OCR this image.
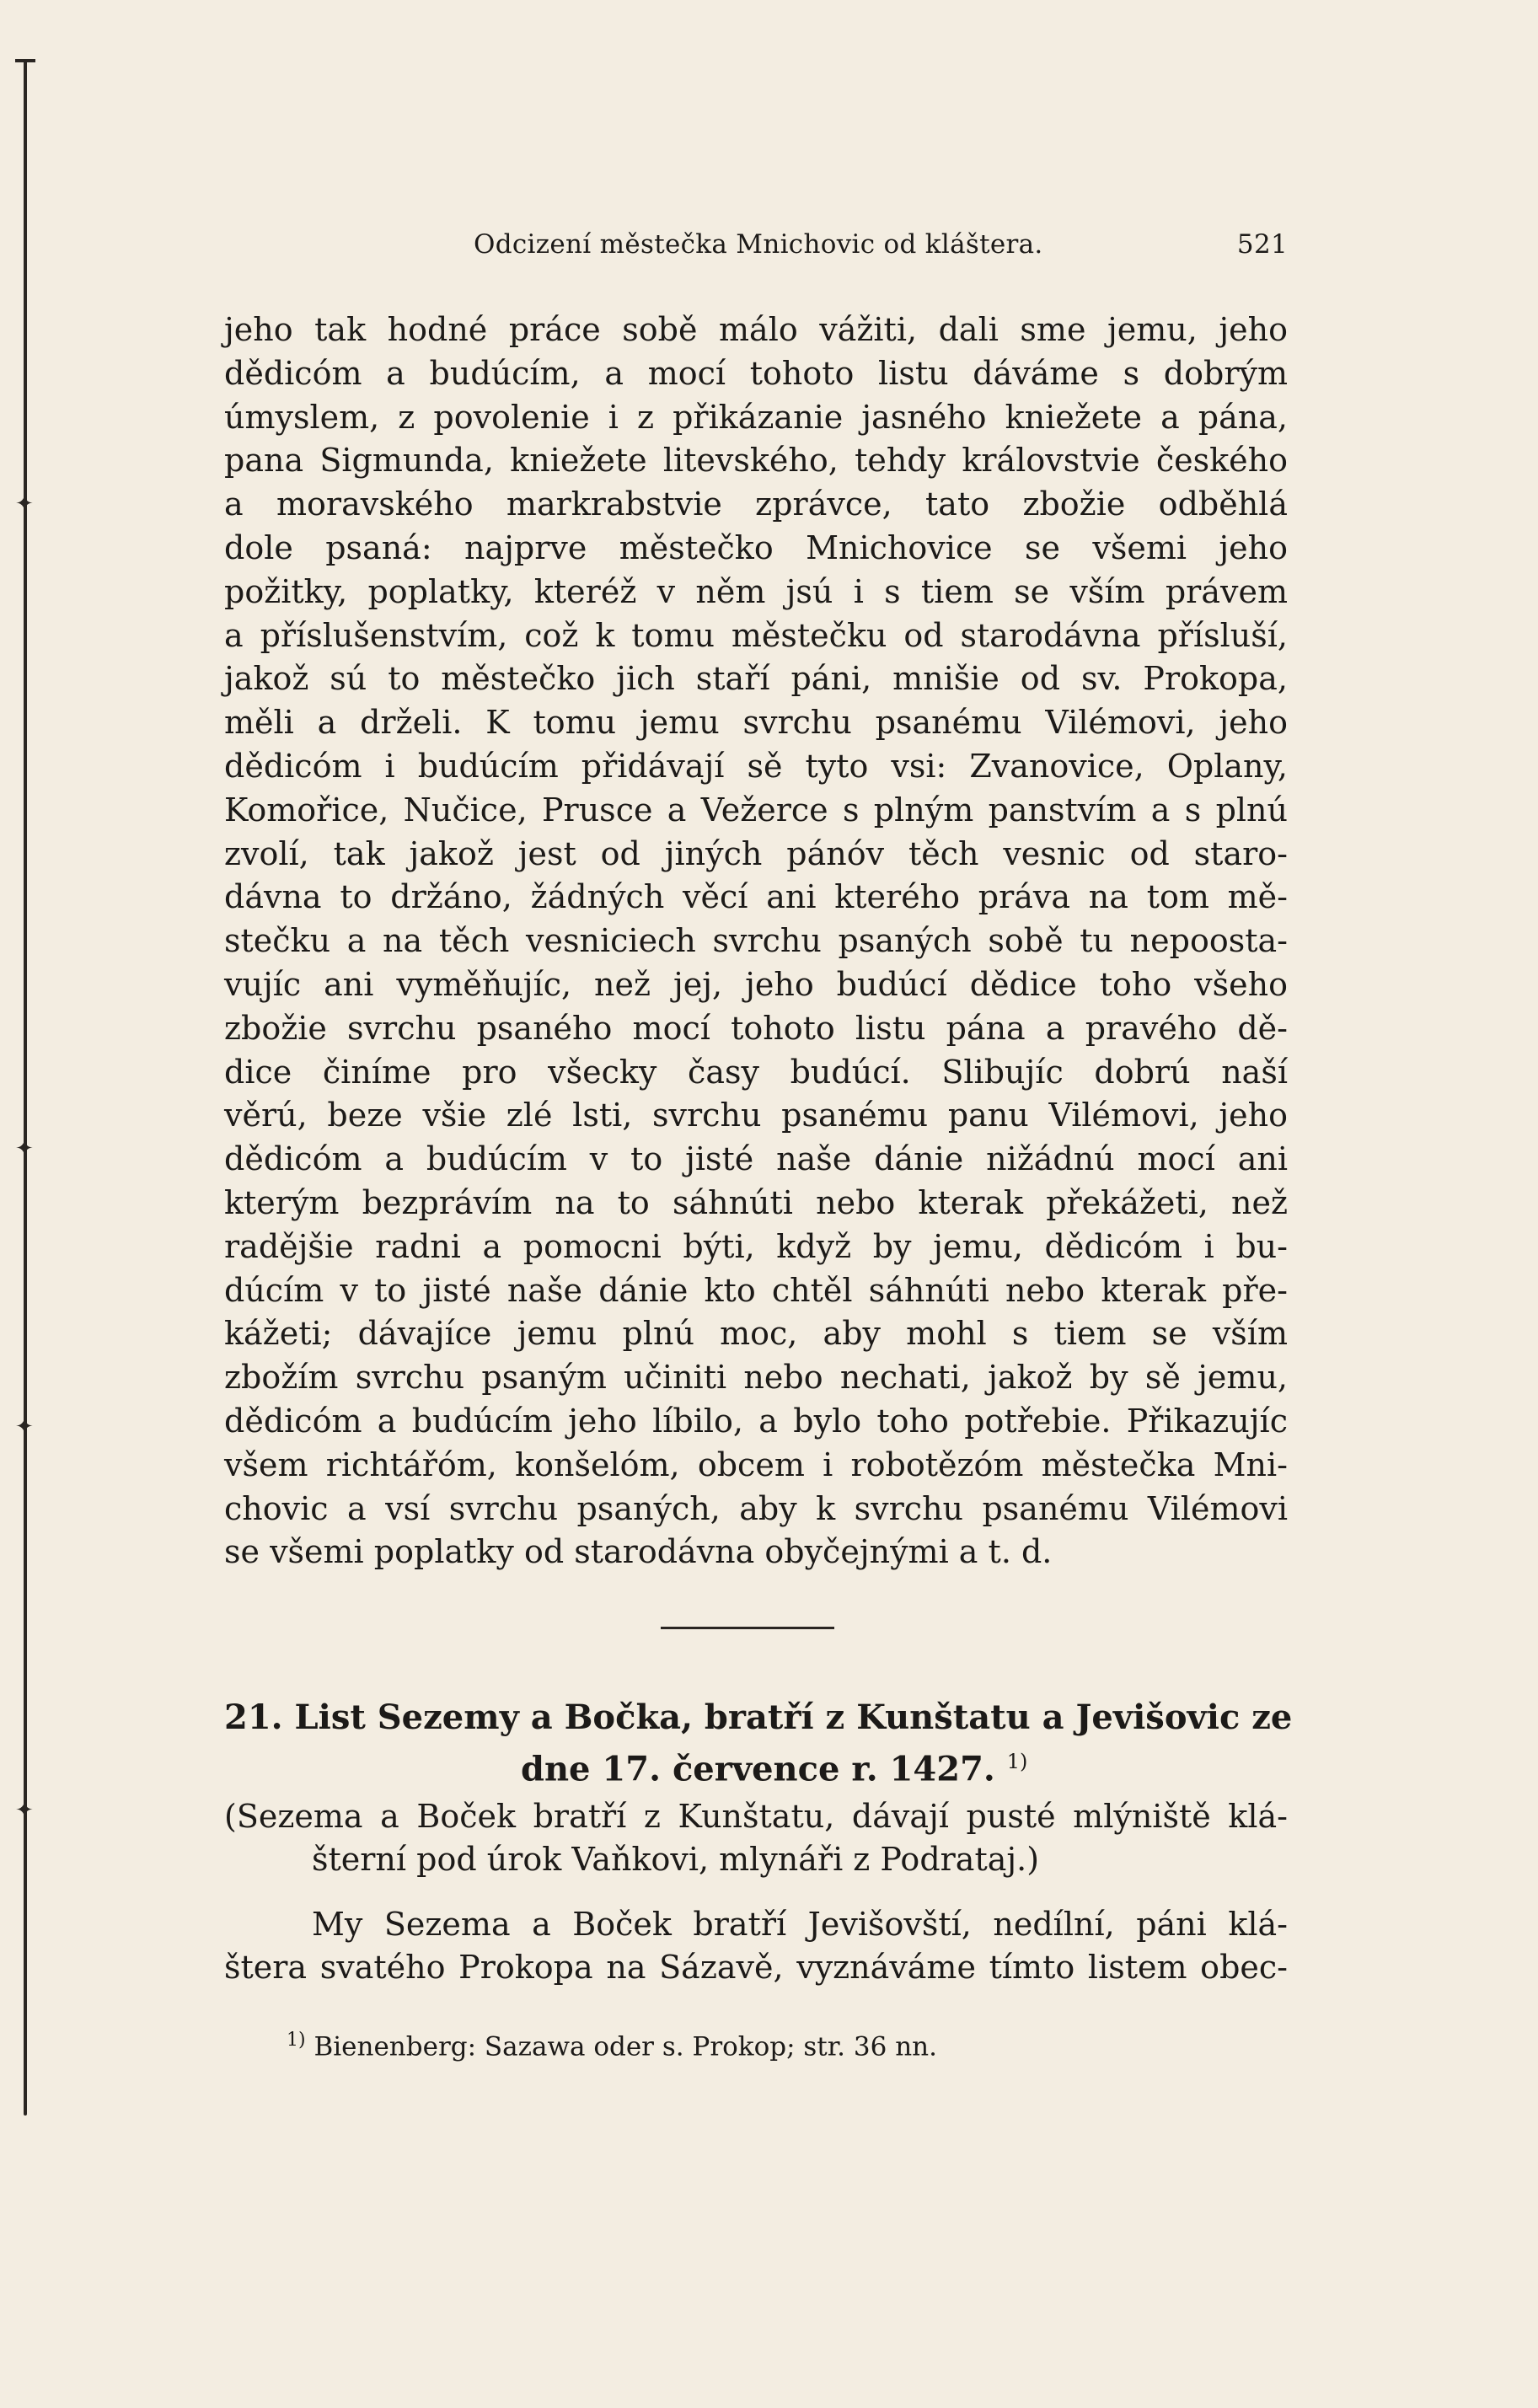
✦
✦
✦
✦
Odcizení městečka Mnichovic od kláštera.	521
jeho tak hodné práce sobě málo vážiti, dali sme jemu, jeho
dědicóm a budúcím, a mocí tohoto listu dáváme s dobrým
úmyslem, z povolenie i z přikázanie jasného kniežete a pána,
pana Sigmunda, kniežete litevského, tehdy královstvie českého
a moravského markrabstvie zprávce, tato zbožie odběhlá
dole psaná: najprve městečko Mnichovice se všemi jeho
požitky, poplatky, kteréž v něm jsú i s tiem se vším právem
a příslušenstvím, což k tomu městečku od starodávna přísluší,
jakož sú to městečko jich staří páni, mnišie od sv. Prokopa,
měli a drželi. K tomu jemu svrchu psanému Vilémovi, jeho
dědicóm i budúcím přidávají sě tyto vsi: Zvanovice, Oplany,
Komořice, Nučice, Prusce a Vežerce s plným panstvím a s plnú
zvolí, tak jakož jest od jiných pánóv těch vesnic od staro-
dávna to držáno, žádných věcí ani kterého práva na tom mě-
stečku a na těch vesniciech svrchu psaných sobě tu nepoosta-
vujíc ani vyměňujíc, než jej, jeho budúcí dědice toho všeho
zbožie svrchu psaného mocí tohoto listu pána a pravého dě-
dice činíme pro všecky časy budúcí. Slibujíc dobrú naší
věrú, beze všie zlé lsti, svrchu psanému panu Vilémovi, jeho
dědicóm a budúcím v to jisté naše dánie nižádnú mocí ani
kterým bezprávím na to sáhnúti nebo kterak překážeti, než
radějšie radni a pomocni býti, když by jemu, dědicóm i bu-
dúcím v to jisté naše dánie kto chtěl sáhnúti nebo kterak pře-
kážeti; dávajíce jemu plnú moc, aby mohl s tiem se vším
zbožím svrchu psaným učiniti nebo nechati, jakož by sě jemu,
dědicóm a budúcím jeho líbilo, a bylo toho potřebie. Přikazujíc
všem richtářóm, konšelóm, obcem i robotězóm městečka Mni-
chovic a vsí svrchu psaných, aby k svrchu psanému Vilémovi
se všemi poplatky od starodávna obyčejnými a t. d.
21. List Sezemy a Bočka, bratří z Kunštatu a Jevišovic ze
dne 17. července r. 1427. $^{1)}$
(Sezema a Boček bratří z Kunštatu, dávají pusté mlýniště klá-
šterní pod úrok Vaňkovi, mlynáři z Podrataj.)
My Sezema a Boček bratří Jevišovští, nedílní, páni klá-
štera svatého Prokopa na Sázavě, vyznáváme tímto listem obec-
$^{1)}$ Bienenberg: Sazawa oder s. Prokop; str. 36 nn.
